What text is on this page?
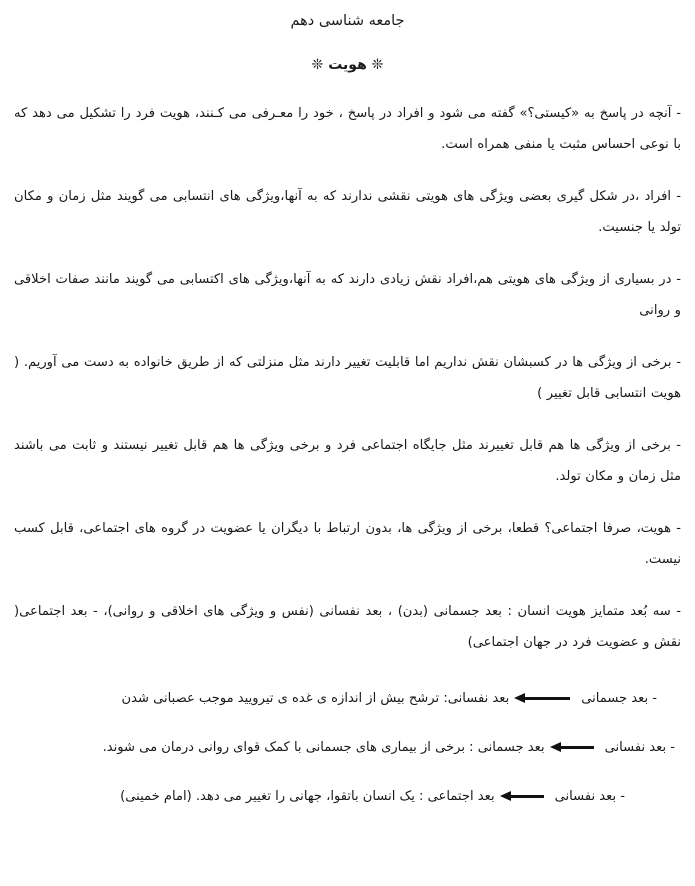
جامعه شناسی دهم
❊ هویت ❊

- آنچه در پاسخ به «کیستی؟» گفته می شود و افراد در پاسخ ، خود را معـرفی می کـنند، هویت فرد را تشکیل می دهد که با نوعی احساس مثبت یا منفی همراه است.

- افراد ،در شکل گیری بعضی ویژگی های هویتی نقشی ندارند که به آنها،ویژگی های انتسابی می گویند مثل زمان و مکان تولد یا جنسیت.

- در بسیاری از ویژگی های هویتی هم،افراد نقش زیادی دارند که به آنها،ویژگی های اکتسابی می گویند مانند صفات اخلاقی و روانی

- برخی از ویژگی ها در کسبشان نقش نداریم اما قابلیت تغییر دارند مثل منزلتی که از طریق خانواده به دست می آوریم. ( هویت انتسابی قابل تغییر )

- برخی از ویژگی ها هم قابل تغییرند مثل جایگاه اجتماعی فرد و برخی ویژگی ها هم قابل تغییر نیستند و ثابت می باشند مثل زمان و مکان تولد.

- هویت، صرفا اجتماعی؟ قطعا، برخی از ویژگی ها، بدون ارتباط با دیگران یا عضویت در گروه های اجتماعی، قابل کسب نیست.

- سه بُعد متمایز هویت انسان : بعد جسمانی (بدن) ، بعد نفسانی (نفس و ویژگی های اخلاقی و روانی)، - بعد اجتماعی( نقش و عضویت فرد در جهان اجتماعی)

- بعد جسمانی
بعد نفسانی: ترشح بیش از اندازه ی غده ی تیرویید موجب عصبانی شدن

- بعد نفسانی
بعد جسمانی : برخی از بیماری های جسمانی با کمک قوای روانی درمان می شوند.

- بعد نفسانی
بعد اجتماعی : یک انسان باتقوا، جهانی را تغییر می دهد. (امام خمینی)
